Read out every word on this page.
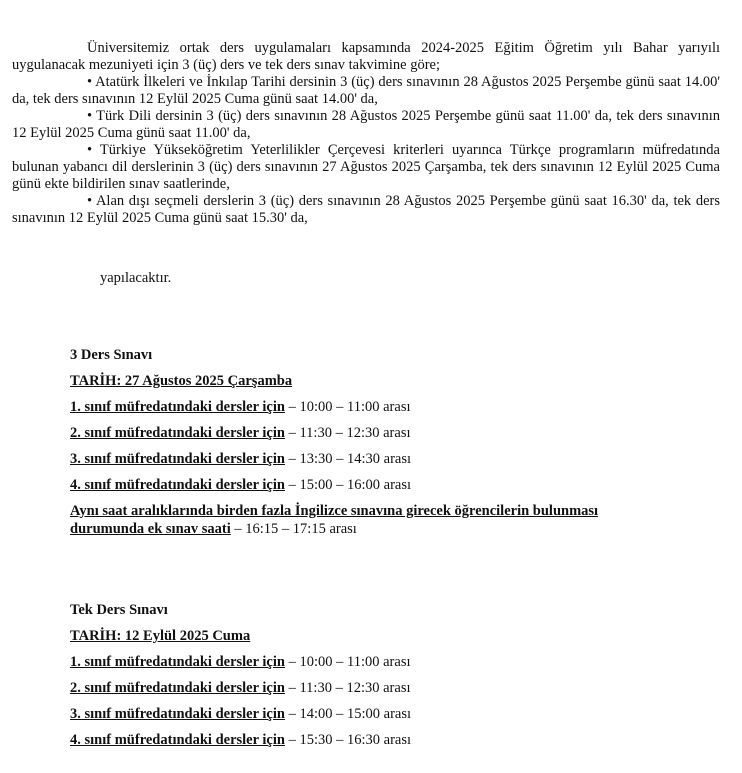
Üniversitemiz ortak ders uygulamaları kapsamında 2024-2025 Eğitim Öğretim yılı Bahar yarıyılı uygulanacak mezuniyeti için 3 (üç) ders ve tek ders sınav takvimine göre;

• Atatürk İlkeleri ve İnkılap Tarihi dersinin 3 (üç) ders sınavının 28 Ağustos 2025 Perşembe günü saat 14.00' da, tek ders sınavının 12 Eylül 2025 Cuma günü saat 14.00' da,

• Türk Dili dersinin 3 (üç) ders sınavının 28 Ağustos 2025 Perşembe günü saat 11.00' da, tek ders sınavının 12 Eylül 2025 Cuma günü saat 11.00' da,

• Türkiye Yükseköğretim Yeterlilikler Çerçevesi kriterleri uyarınca Türkçe programların müfredatında bulunan yabancı dil derslerinin 3 (üç) ders sınavının 27 Ağustos 2025 Çarşamba, tek ders sınavının 12 Eylül 2025 Cuma günü ekte bildirilen sınav saatlerinde,

• Alan dışı seçmeli derslerin 3 (üç) ders sınavının 28 Ağustos 2025 Perşembe günü saat 16.30' da, tek ders sınavının 12 Eylül 2025 Cuma günü saat 15.30' da,

yapılacaktır.

3 Ders Sınavı
TARİH: 27 Ağustos 2025 Çarşamba
1. sınıf müfredatındaki dersler için – 10:00 – 11:00 arası
2. sınıf müfredatındaki dersler için – 11:30 – 12:30 arası
3. sınıf müfredatındaki dersler için – 13:30 – 14:30 arası
4. sınıf müfredatındaki dersler için – 15:00 – 16:00 arası
Aynı saat aralıklarında birden fazla İngilizce sınavına girecek öğrencilerin bulunması durumunda ek sınav saati – 16:15 – 17:15 arası
Tek Ders Sınavı
TARİH: 12 Eylül 2025 Cuma
1. sınıf müfredatındaki dersler için – 10:00 – 11:00 arası
2. sınıf müfredatındaki dersler için – 11:30 – 12:30 arası
3. sınıf müfredatındaki dersler için – 14:00 – 15:00 arası
4. sınıf müfredatındaki dersler için – 15:30 – 16:30 arası
